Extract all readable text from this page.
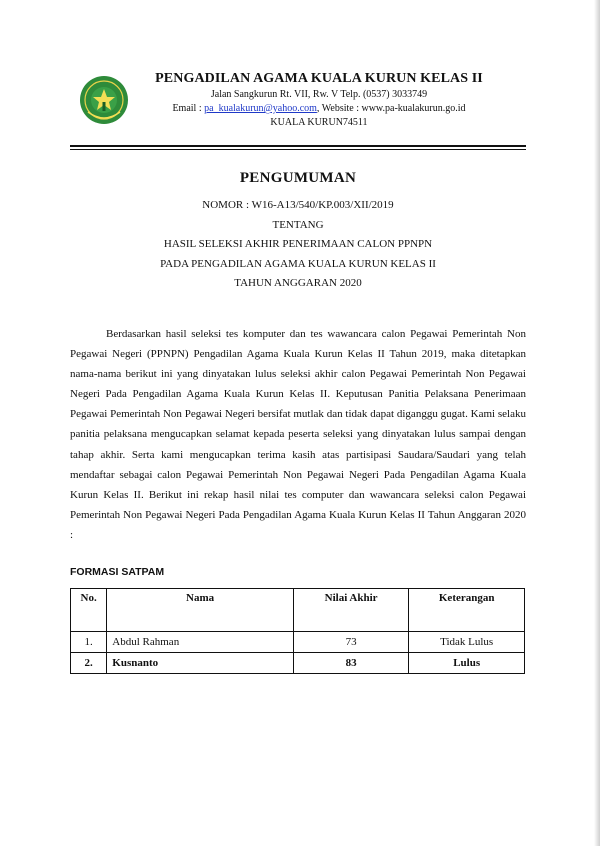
PENGADILAN AGAMA KUALA KURUN KELAS II

Jalan Sangkurun Rt. VII, Rw. V Telp. (0537) 3033749

Email : pa_kualakurun@yahoo.com, Website : www.pa-kualakurun.go.id

KUALA KURUN74511

PENGUMUMAN

NOMOR : W16-A13/540/KP.003/XII/2019

TENTANG

HASIL SELEKSI AKHIR PENERIMAAN CALON PPNPN

PADA PENGADILAN AGAMA KUALA KURUN KELAS II

TAHUN ANGGARAN 2020

Berdasarkan hasil seleksi tes komputer dan tes wawancara calon Pegawai Pemerintah Non Pegawai Negeri (PPNPN) Pengadilan Agama Kuala Kurun Kelas II Tahun 2019, maka ditetapkan nama-nama berikut ini yang dinyatakan lulus seleksi akhir calon Pegawai Pemerintah Non Pegawai Negeri Pada Pengadilan Agama Kuala Kurun Kelas II. Keputusan Panitia Pelaksana Penerimaan Pegawai Pemerintah Non Pegawai Negeri bersifat mutlak dan tidak dapat diganggu gugat. Kami selaku panitia pelaksana mengucapkan selamat kepada peserta seleksi yang dinyatakan lulus sampai dengan tahap akhir. Serta kami mengucapkan terima kasih atas partisipasi Saudara/Saudari yang telah mendaftar sebagai calon Pegawai Pemerintah Non Pegawai Negeri Pada Pengadilan Agama Kuala Kurun Kelas II. Berikut ini rekap hasil nilai tes computer dan wawancara seleksi calon Pegawai Pemerintah Non Pegawai Negeri Pada Pengadilan Agama Kuala Kurun Kelas II Tahun Anggaran 2020 :

FORMASI SATPAM

No.	Nama	Nilai Akhir	Keterangan
1.	Abdul Rahman	73	Tidak Lulus
2.	Kusnanto	83	Lulus
